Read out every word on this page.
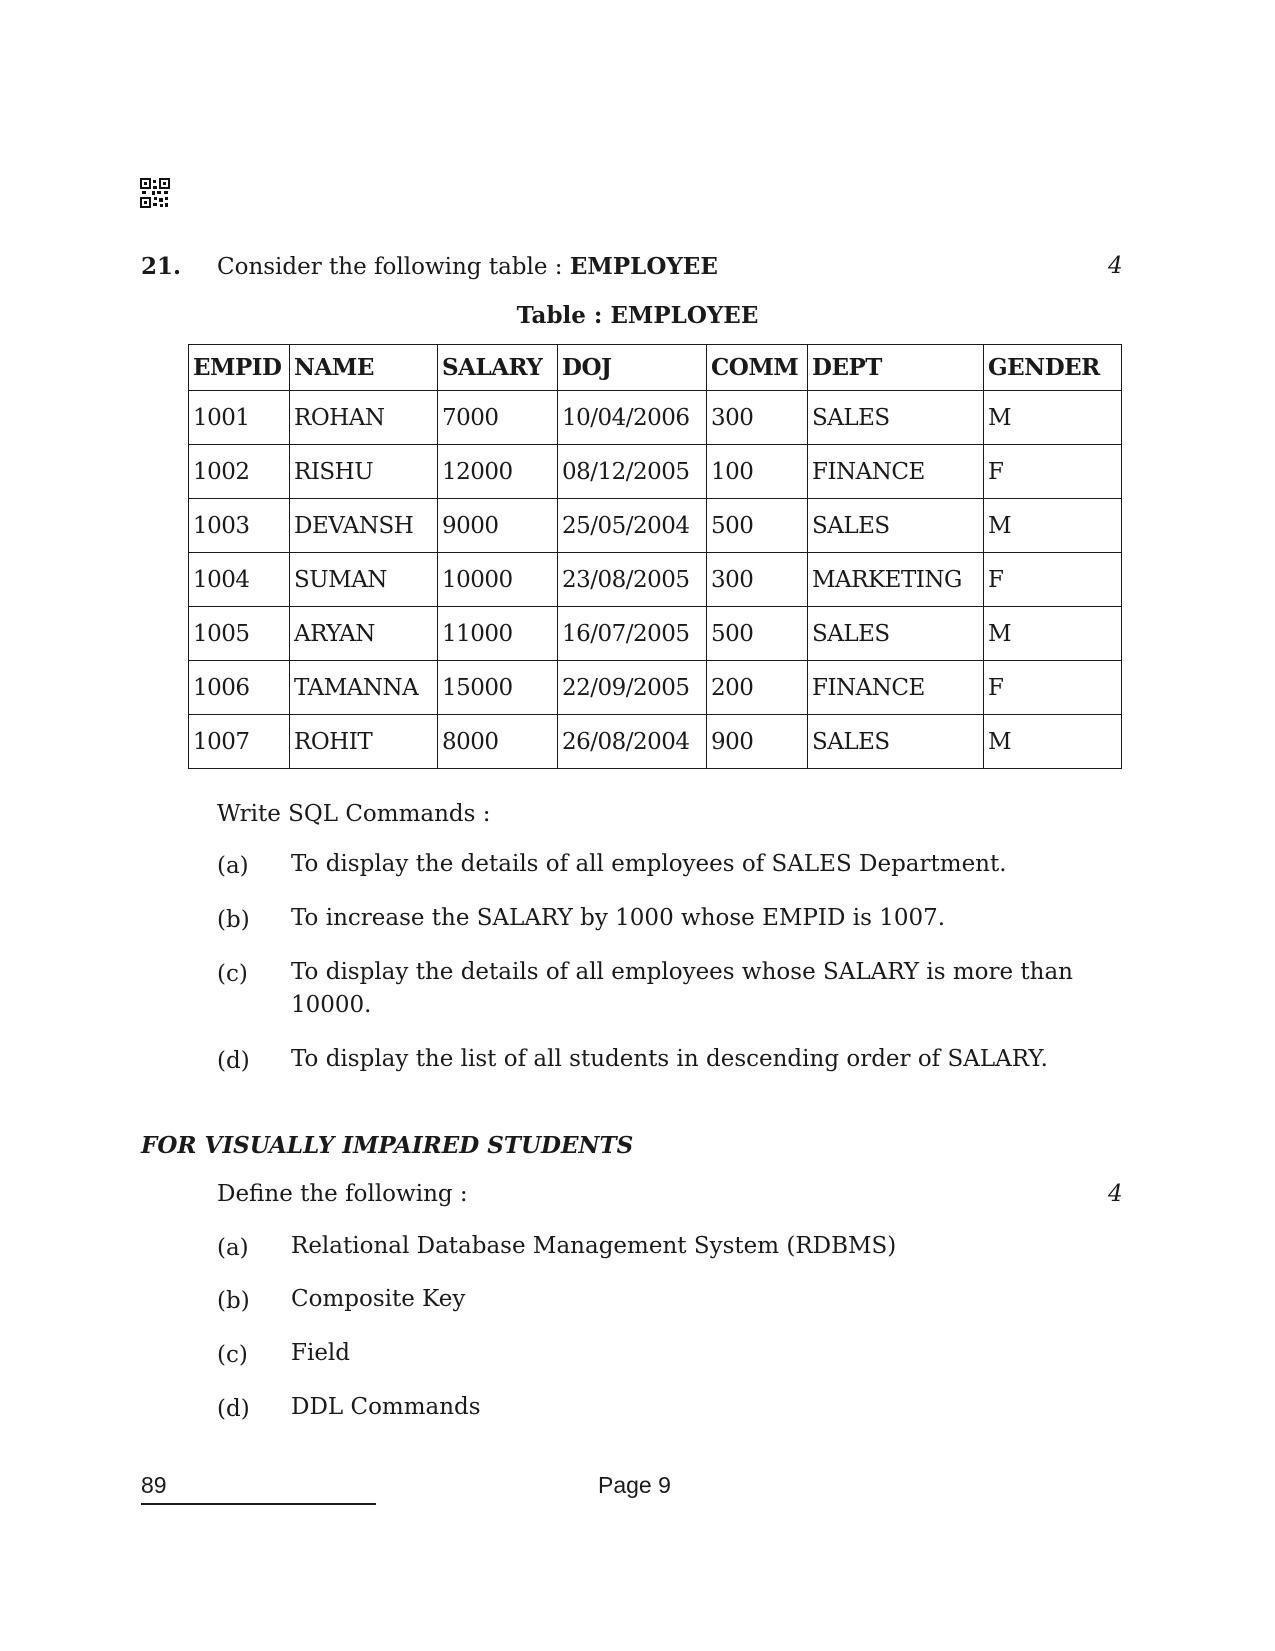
21. Consider the following table : EMPLOYEE	4
Table : EMPLOYEE
EMPID	NAME	SALARY	DOJ	COMM	DEPT	GENDER
1001	ROHAN	7000	10/04/2006	300	SALES	M
1002	RISHU	12000	08/12/2005	100	FINANCE	F
1003	DEVANSH	9000	25/05/2004	500	SALES	M
1004	SUMAN	10000	23/08/2005	300	MARKETING	F
1005	ARYAN	11000	16/07/2005	500	SALES	M
1006	TAMANNA	15000	22/09/2005	200	FINANCE	F
1007	ROHIT	8000	26/08/2004	900	SALES	M
Write SQL Commands :
(a) To display the details of all employees of SALES Department.
(b) To increase the SALARY by 1000 whose EMPID is 1007.
(c) To display the details of all employees whose SALARY is more than 10000.
(d) To display the list of all students in descending order of SALARY.
FOR VISUALLY IMPAIRED STUDENTS
Define the following :	4
(a) Relational Database Management System (RDBMS)
(b) Composite Key
(c) Field
(d) DDL Commands
89	Page 9
